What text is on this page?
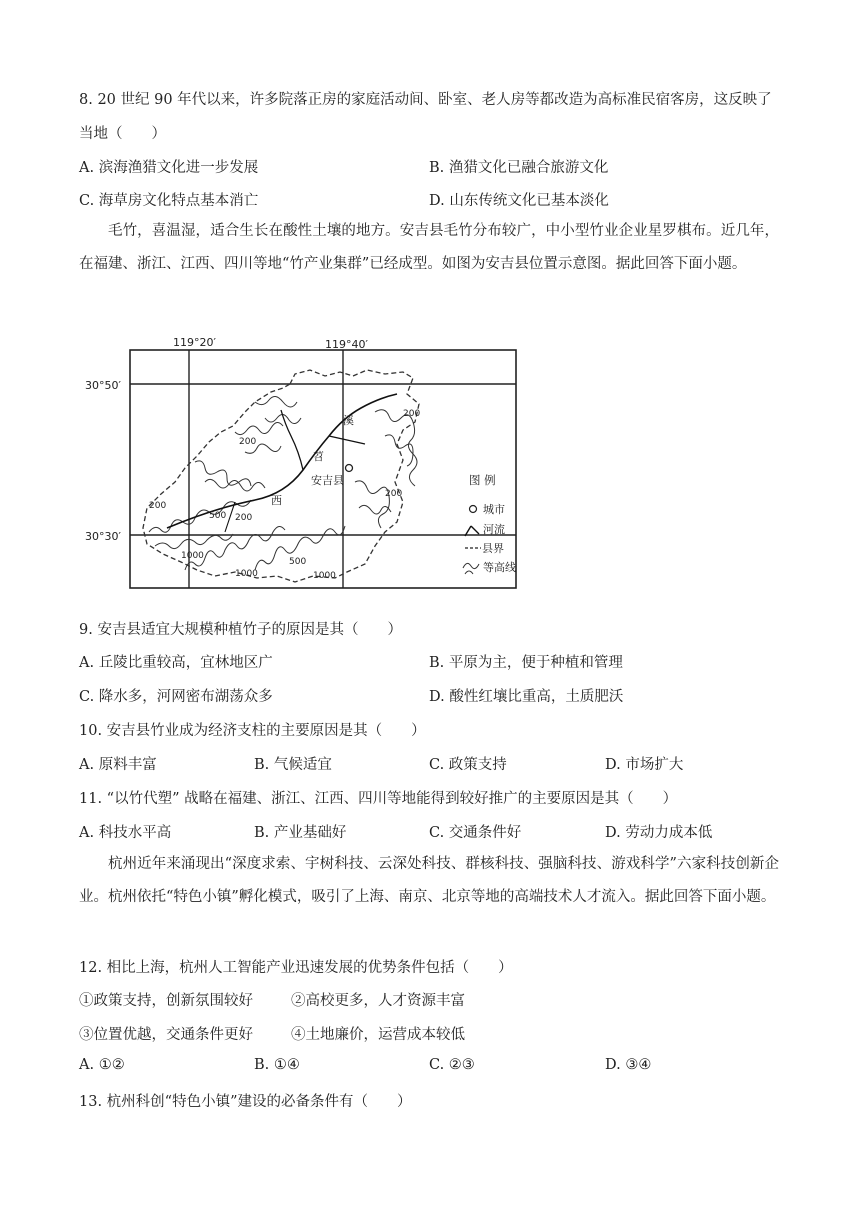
8. 20 世纪 90 年代以来，许多院落正房的家庭活动间、卧室、老人房等都改造为高标准民宿客房，这反映了
当地（　　）
A. 滨海渔猎文化进一步发展	B. 渔猎文化已融合旅游文化
C. 海草房文化特点基本消亡	D. 山东传统文化已基本淡化
毛竹，喜温湿，适合生长在酸性土壤的地方。安吉县毛竹分布较广，中小型竹业企业星罗棋布。近几年，在福建、浙江、江西、四川等地“竹产业集群”已经成型。如图为安吉县位置示意图。据此回答下面小题。
119°20′	119°40′
30°50′
30°30′
溪
苕
西
安吉县
200
200
200
200
200
500
500
1000
1000	1000
图 例
城市
河流
县界
等高线
9. 安吉县适宜大规模种植竹子的原因是其（　　）
A. 丘陵比重较高，宜林地区广	B. 平原为主，便于种植和管理
C. 降水多，河网密布湖荡众多	D. 酸性红壤比重高，土质肥沃
10. 安吉县竹业成为经济支柱的主要原因是其（　　）
A. 原料丰富	B. 气候适宜	C. 政策支持	D. 市场扩大
11. “以竹代塑” 战略在福建、浙江、江西、四川等地能得到较好推广的主要原因是其（　　）
A. 科技水平高	B. 产业基础好	C. 交通条件好	D. 劳动力成本低
杭州近年来涌现出“深度求索、宇树科技、云深处科技、群核科技、强脑科技、游戏科学”六家科技创新企业。杭州依托“特色小镇”孵化模式，吸引了上海、南京、北京等地的高端技术人才流入。据此回答下面小题。
12. 相比上海，杭州人工智能产业迅速发展的优势条件包括（　　）
①政策支持，创新氛围较好	②高校更多，人才资源丰富
③位置优越，交通条件更好	④土地廉价，运营成本较低
A. ①②	B. ①④	C. ②③	D. ③④
13. 杭州科创“特色小镇”建设的必备条件有（　　）
